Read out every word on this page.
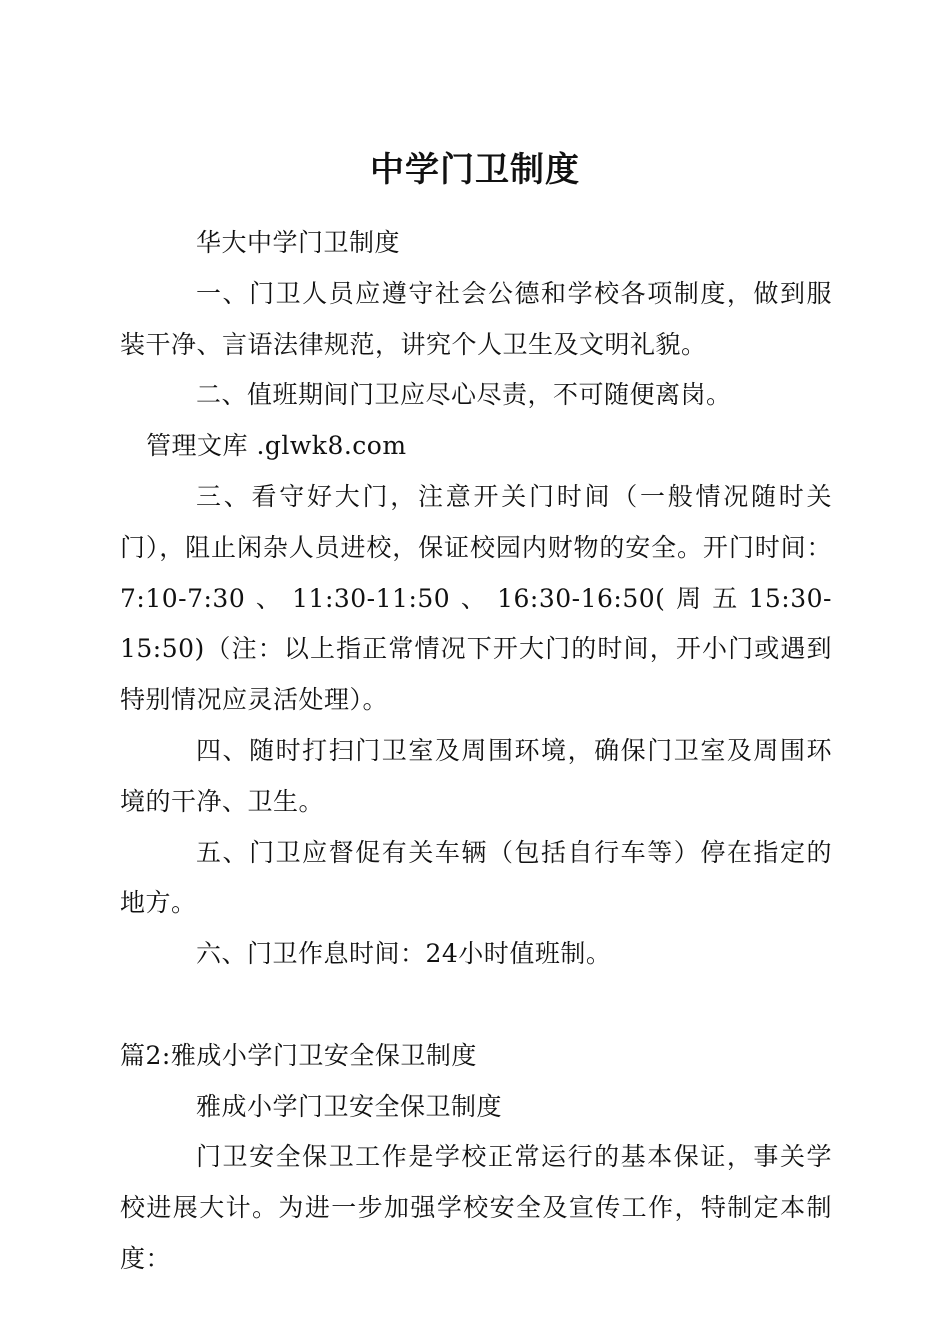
中学门卫制度

华大中学门卫制度

一、门卫人员应遵守社会公德和学校各项制度，做到服装干净、言语法律规范，讲究个人卫生及文明礼貌。

二、值班期间门卫应尽心尽责，不可随便离岗。

管理文库 .glwk8.com

三、看守好大门，注意开关门时间（一般情况随时关门），阻止闲杂人员进校，保证校园内财物的安全。开门时间：7:10-7:30、11:30-11:50、16:30-16:50(周五15:30-15:50)（注：以上指正常情况下开大门的时间，开小门或遇到特别情况应灵活处理）。

四、随时打扫门卫室及周围环境，确保门卫室及周围环境的干净、卫生。

五、门卫应督促有关车辆（包括自行车等）停在指定的地方。

六、门卫作息时间：24小时值班制。

篇2:雅成小学门卫安全保卫制度

雅成小学门卫安全保卫制度

门卫安全保卫工作是学校正常运行的基本保证，事关学校进展大计。为进一步加强学校安全及宣传工作，特制定本制度：
